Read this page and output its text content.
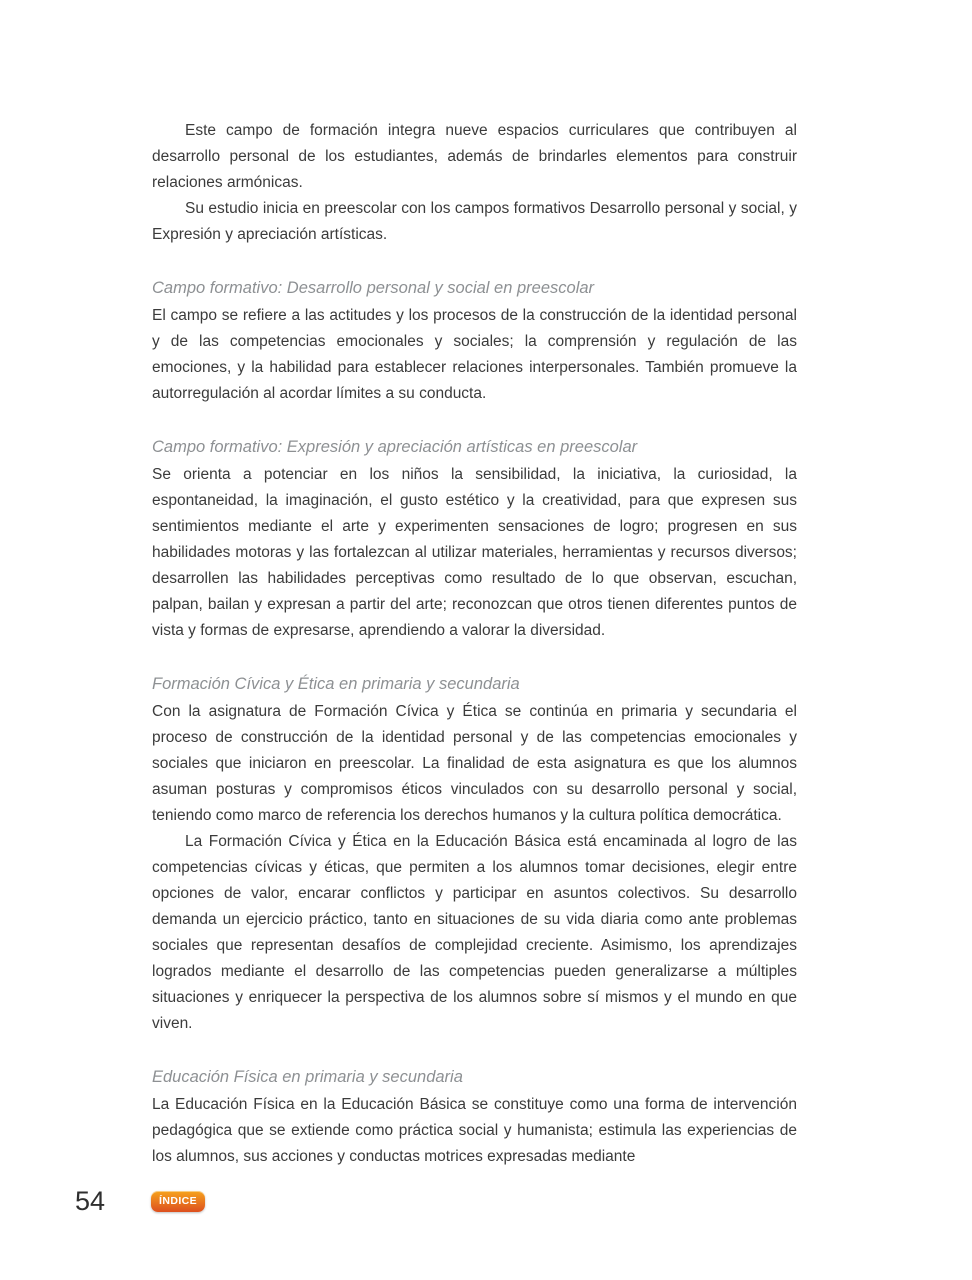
Este campo de formación integra nueve espacios curriculares que contribuyen al desarrollo personal de los estudiantes, además de brindarles elementos para construir relaciones armónicas.

Su estudio inicia en preescolar con los campos formativos Desarrollo personal y social, y Expresión y apreciación artísticas.

Campo formativo: Desarrollo personal y social en preescolar

El campo se refiere a las actitudes y los procesos de la construcción de la identidad personal y de las competencias emocionales y sociales; la comprensión y regulación de las emociones, y la habilidad para establecer relaciones interpersonales. También promueve la autorregulación al acordar límites a su conducta.

Campo formativo: Expresión y apreciación artísticas en preescolar

Se orienta a potenciar en los niños la sensibilidad, la iniciativa, la curiosidad, la espontaneidad, la imaginación, el gusto estético y la creatividad, para que expresen sus sentimientos mediante el arte y experimenten sensaciones de logro; progresen en sus habilidades motoras y las fortalezcan al utilizar materiales, herramientas y recursos diversos; desarrollen las habilidades perceptivas como resultado de lo que observan, escuchan, palpan, bailan y expresan a partir del arte; reconozcan que otros tienen diferentes puntos de vista y formas de expresarse, aprendiendo a valorar la diversidad.

Formación Cívica y Ética en primaria y secundaria

Con la asignatura de Formación Cívica y Ética se continúa en primaria y secundaria el proceso de construcción de la identidad personal y de las competencias emocionales y sociales que iniciaron en preescolar. La finalidad de esta asignatura es que los alumnos asuman posturas y compromisos éticos vinculados con su desarrollo personal y social, teniendo como marco de referencia los derechos humanos y la cultura política democrática.

La Formación Cívica y Ética en la Educación Básica está encaminada al logro de las competencias cívicas y éticas, que permiten a los alumnos tomar decisiones, elegir entre opciones de valor, encarar conflictos y participar en asuntos colectivos. Su desarrollo demanda un ejercicio práctico, tanto en situaciones de su vida diaria como ante problemas sociales que representan desafíos de complejidad creciente. Asimismo, los aprendizajes logrados mediante el desarrollo de las competencias pueden generalizarse a múltiples situaciones y enriquecer la perspectiva de los alumnos sobre sí mismos y el mundo en que viven.

Educación Física en primaria y secundaria

La Educación Física en la Educación Básica se constituye como una forma de intervención pedagógica que se extiende como práctica social y humanista; estimula las experiencias de los alumnos, sus acciones y conductas motrices expresadas mediante

54	ÍNDICE
